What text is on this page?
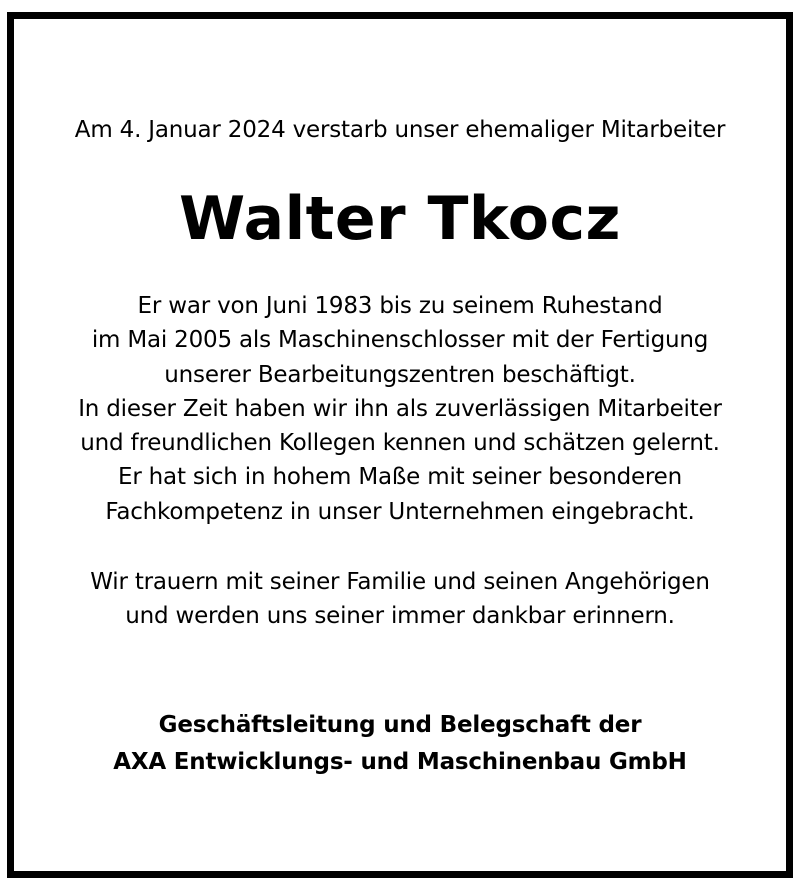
Am 4. Januar 2024 verstarb unser ehemaliger Mitarbeiter
Walter Tkocz
Er war von Juni 1983 bis zu seinem Ruhestand
im Mai 2005 als Maschinenschlosser mit der Fertigung
unserer Bearbeitungszentren beschäftigt.
In dieser Zeit haben wir ihn als zuverlässigen Mitarbeiter
und freundlichen Kollegen kennen und schätzen gelernt.
Er hat sich in hohem Maße mit seiner besonderen
Fachkompetenz in unser Unternehmen eingebracht.
Wir trauern mit seiner Familie und seinen Angehörigen
und werden uns seiner immer dankbar erinnern.
Geschäftsleitung und Belegschaft der
AXA Entwicklungs- und Maschinenbau GmbH
